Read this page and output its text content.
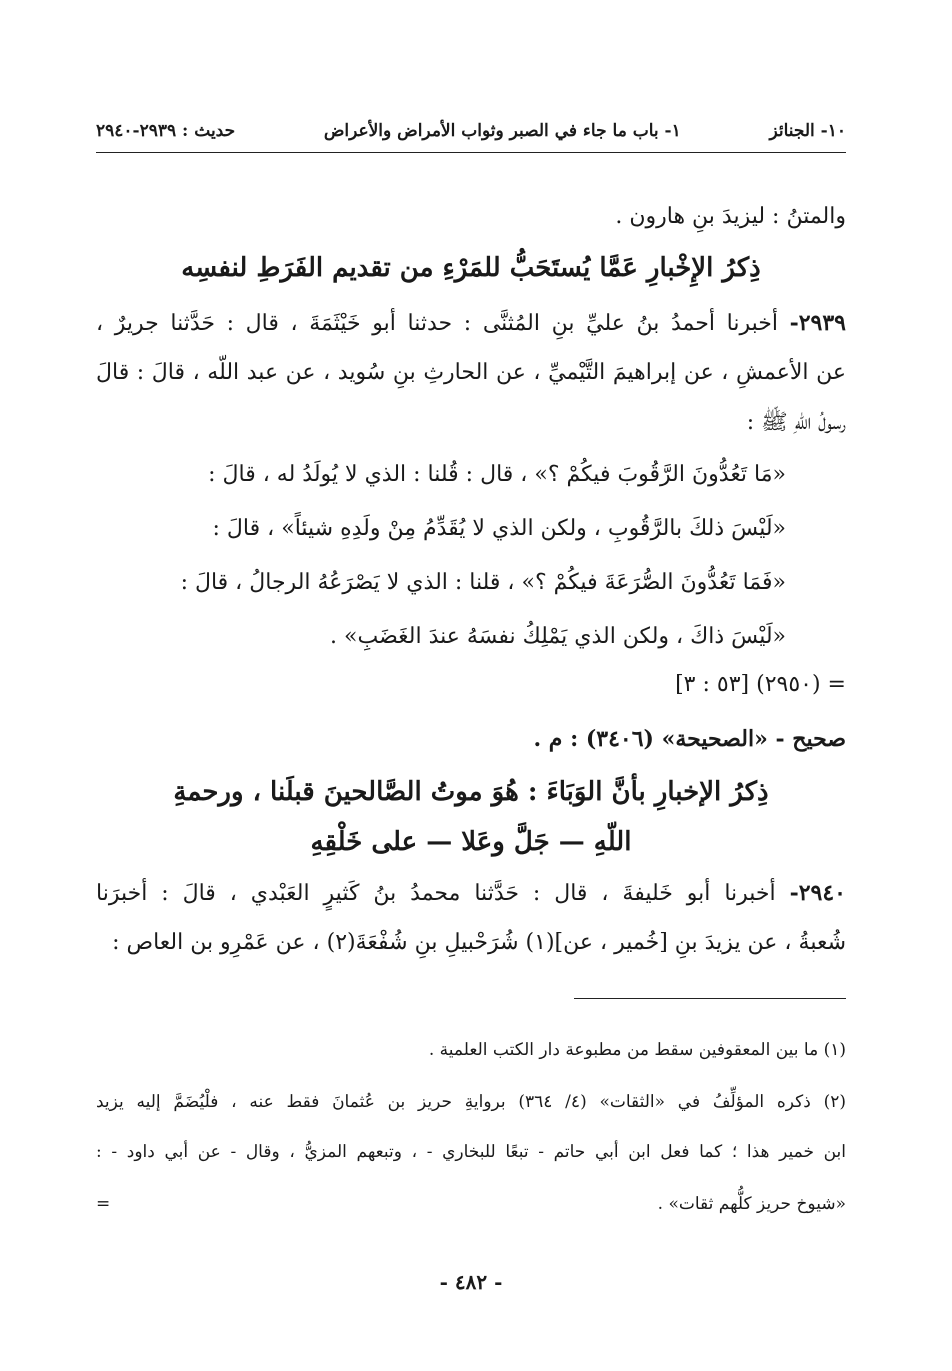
١٠- الجنائز
١- باب ما جاء في الصبر وثواب الأمراض والأعراض
حديث : ٢٩٣٩-٢٩٤٠
والمتنُ : ليزيدَ بنِ هارون .
ذِكرُ الإِخْبارِ عَمَّا يُستَحَبُّ للمَرْءِ من تقديم الفَرَطِ لنفسِه
٢٩٣٩- أخبرنا أحمدُ بنُ عليِّ بنِ المُثنَّى : حدثنا أبو خَيْثَمَةَ ، قال : حَدَّثنا جريرٌ ،
عن الأعمشِ ، عن إبراهيمَ التَّيْميِّ ، عن الحارثِ بنِ سُويد ، عن عبد اللّه ، قالَ : قالَ
رسولُ اللّهِ ﷺ :
«مَا تَعُدُّونَ الرَّقُوبَ فيكُمْ ؟» ، قال : قُلنا : الذي لا يُولَدُ له ، قالَ :
«لَيْسَ ذلكَ بالرَّقُوبِ ، ولكن الذي لا يُقَدِّمُ مِنْ ولَدِهِ شيئاً» ، قالَ :
«فَمَا تَعُدُّونَ الصُّرَعَةَ فيكُمْ ؟» ، قلنا : الذي لا يَصْرَعُهُ الرجالُ ، قالَ :
«لَيْسَ ذاكَ ، ولكن الذي يَمْلِكُ نفسَهُ عندَ الغَضَبِ» .
= (٢٩٥٠) [٥٣ : ٣]
صحيح - «الصحيحة» (٣٤٠٦) : م .
ذِكرُ الإخبارِ بأنَّ الوَبَاءَ : هُوَ موتُ الصَّالحينَ قبلَنا ، ورحمةِ
اللّهِ — جَلَّ وعَلا — على خَلْقِهِ
٢٩٤٠- أخبرنا أبو خَليفةَ ، قال : حَدَّثنا محمدُ بنُ كَثيرٍ العَبْدي ، قالَ : أخبرَنا
شُعبةُ ، عن يزيدَ بنِ [خُمير ، عن](١) شُرَحْبيلِ بنِ شُفْعَةَ(٢) ، عن عَمْرِو بن العاص :
(١) ما بين المعقوفين سقط من مطبوعة دار الكتب العلمية .
(٢) ذكره المؤلِّفُ في «الثقات» (٤/ ٣٦٤) بروايةِ حريز بن عُثمانَ فقط عنه ، فلْيُضَمَّ إليه يزيد
ابن خمير هذا ؛ كما فعل ابن أبي حاتم - تبعًا للبخاري - ، وتبعهم المزيُّ ، وقال - عن أبي داود - :
«شيوخ حريز كلُّهم ثقات» .
=
- ٤٨٢ -
